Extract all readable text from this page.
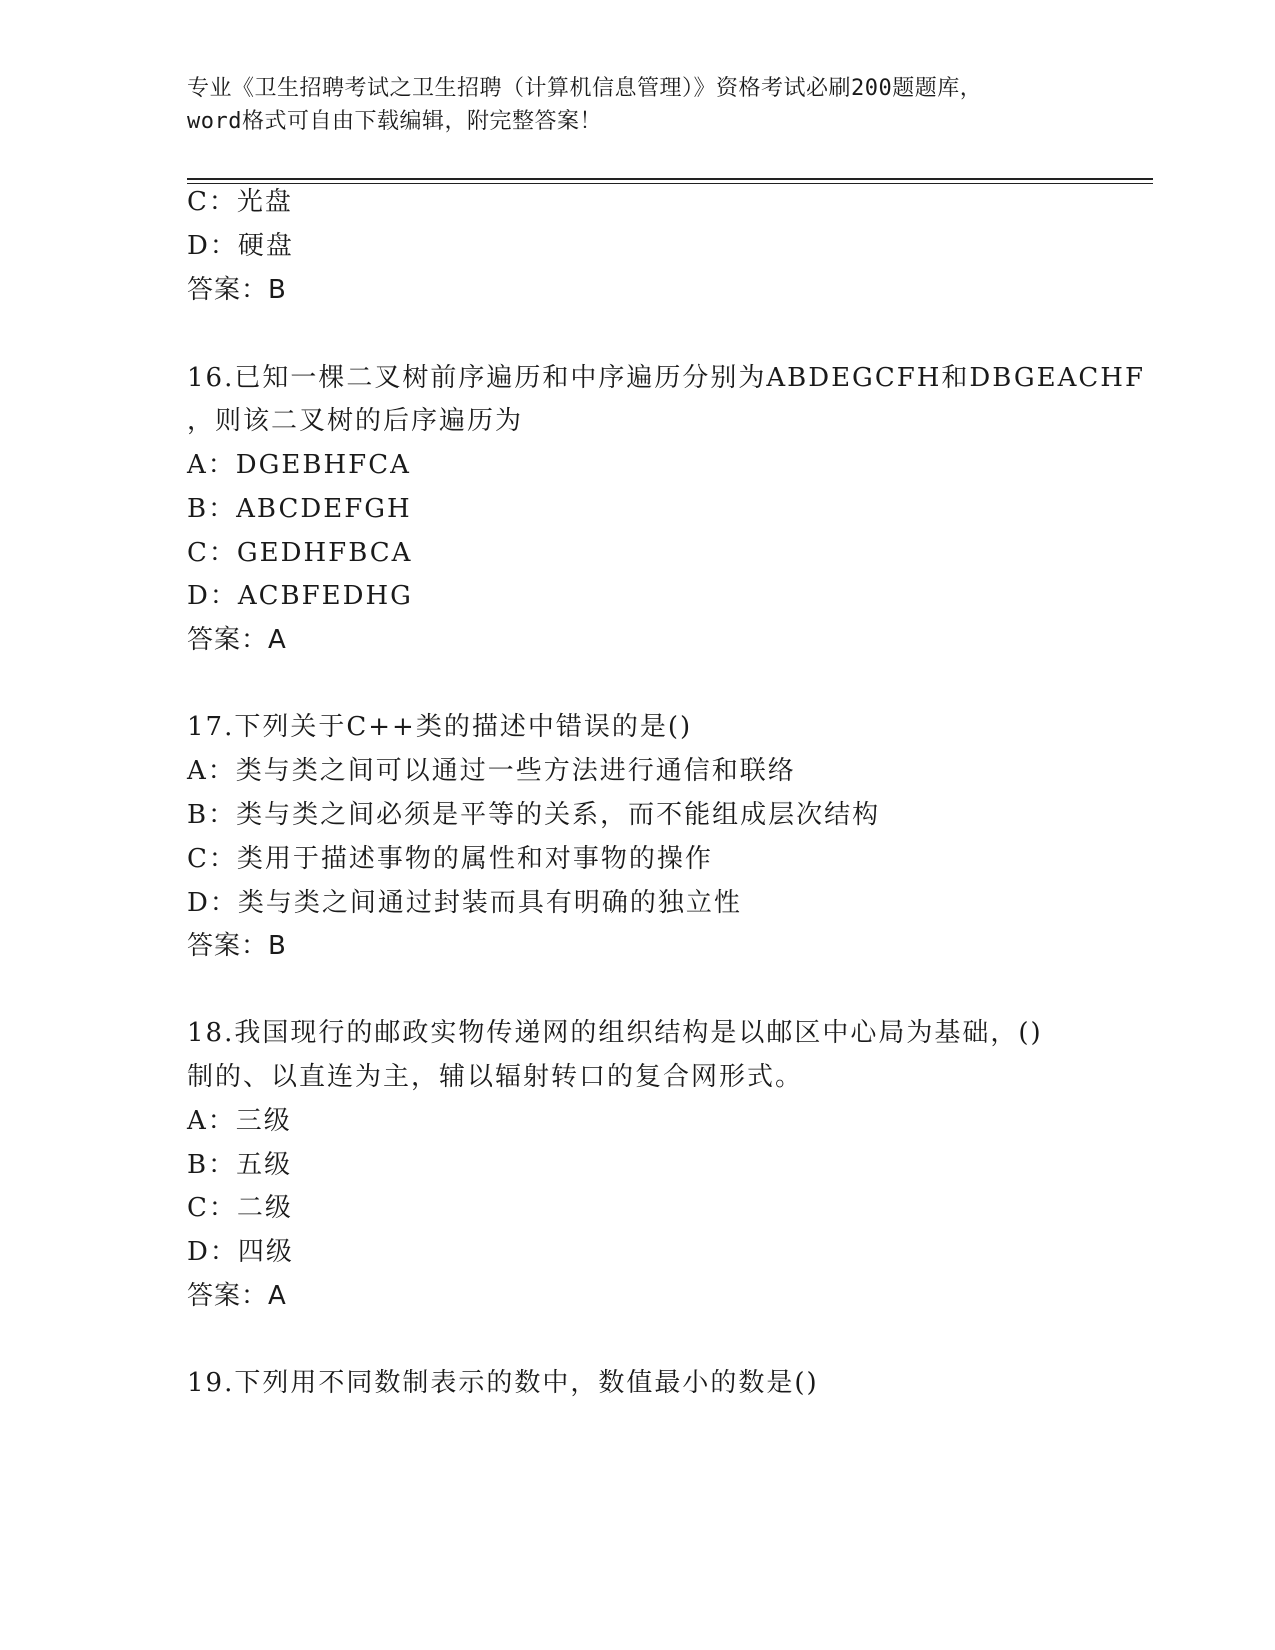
专业《卫生招聘考试之卫生招聘（计算机信息管理）》资格考试必刷200题题库，
word格式可自由下载编辑，附完整答案！
C：光盘
D：硬盘
答案：B
16.已知一棵二叉树前序遍历和中序遍历分别为ABDEGCFH和DBGEACHF
，则该二叉树的后序遍历为
A：DGEBHFCA
B：ABCDEFGH
C：GEDHFBCA
D：ACBFEDHG
答案：A
17.下列关于C++类的描述中错误的是()
A：类与类之间可以通过一些方法进行通信和联络
B：类与类之间必须是平等的关系，而不能组成层次结构
C：类用于描述事物的属性和对事物的操作
D：类与类之间通过封装而具有明确的独立性
答案：B
18.我国现行的邮政实物传递网的组织结构是以邮区中心局为基础，()
制的、以直连为主，辅以辐射转口的复合网形式。
A：三级
B：五级
C：二级
D：四级
答案：A
19.下列用不同数制表示的数中，数值最小的数是()
